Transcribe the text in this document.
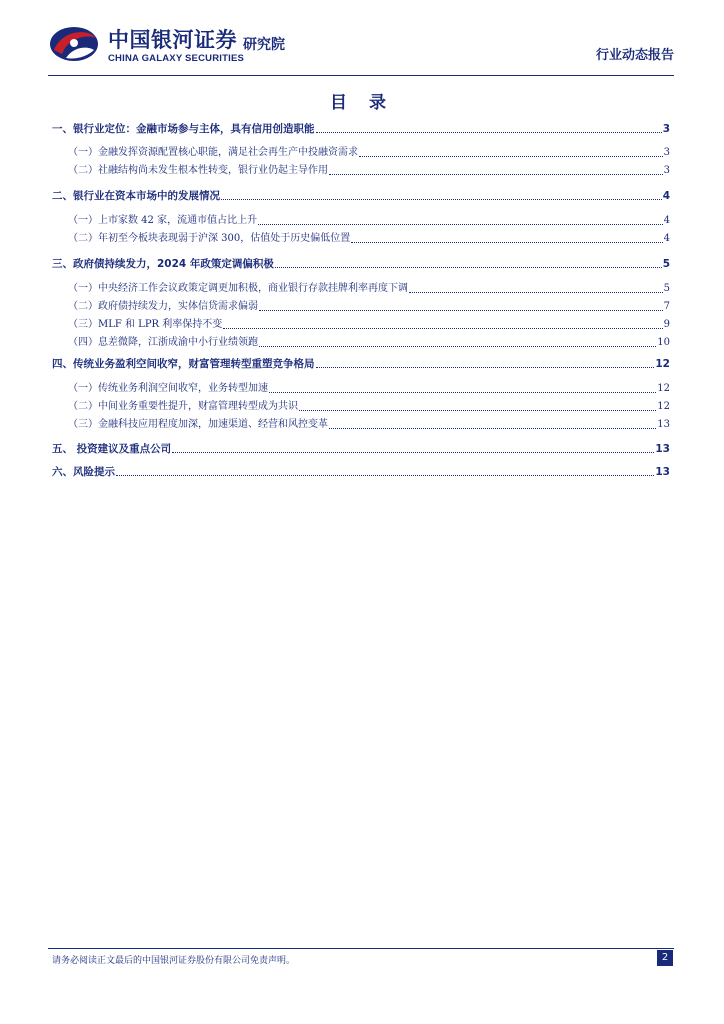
中国银河证券
CHINA GALAXY SECURITIES
研究院
行业动态报告
目 录
一、银行业定位：金融市场参与主体，具有信用创造职能	3
（一）金融发挥资源配置核心职能，满足社会再生产中投融资需求	3
（二）社融结构尚未发生根本性转变，银行业仍起主导作用	3
二、银行业在资本市场中的发展情况	4
（一）上市家数 42 家，流通市值占比上升	4
（二）年初至今板块表现弱于沪深 300，估值处于历史偏低位置	4
三、政府债持续发力，2024 年政策定调偏积极	5
（一）中央经济工作会议政策定调更加积极，商业银行存款挂牌利率再度下调	5
（二）政府债持续发力，实体信贷需求偏弱	7
（三）MLF 和 LPR 利率保持不变	9
（四）息差微降，江浙成渝中小行业绩领跑	10
四、传统业务盈利空间收窄，财富管理转型重塑竞争格局	12
（一）传统业务利润空间收窄，业务转型加速	12
（二）中间业务重要性提升，财富管理转型成为共识	12
（三）金融科技应用程度加深，加速渠道、经营和风控变革	13
五、 投资建议及重点公司	13
六、风险提示	13
请务必阅读正文最后的中国银河证券股份有限公司免责声明。	2
